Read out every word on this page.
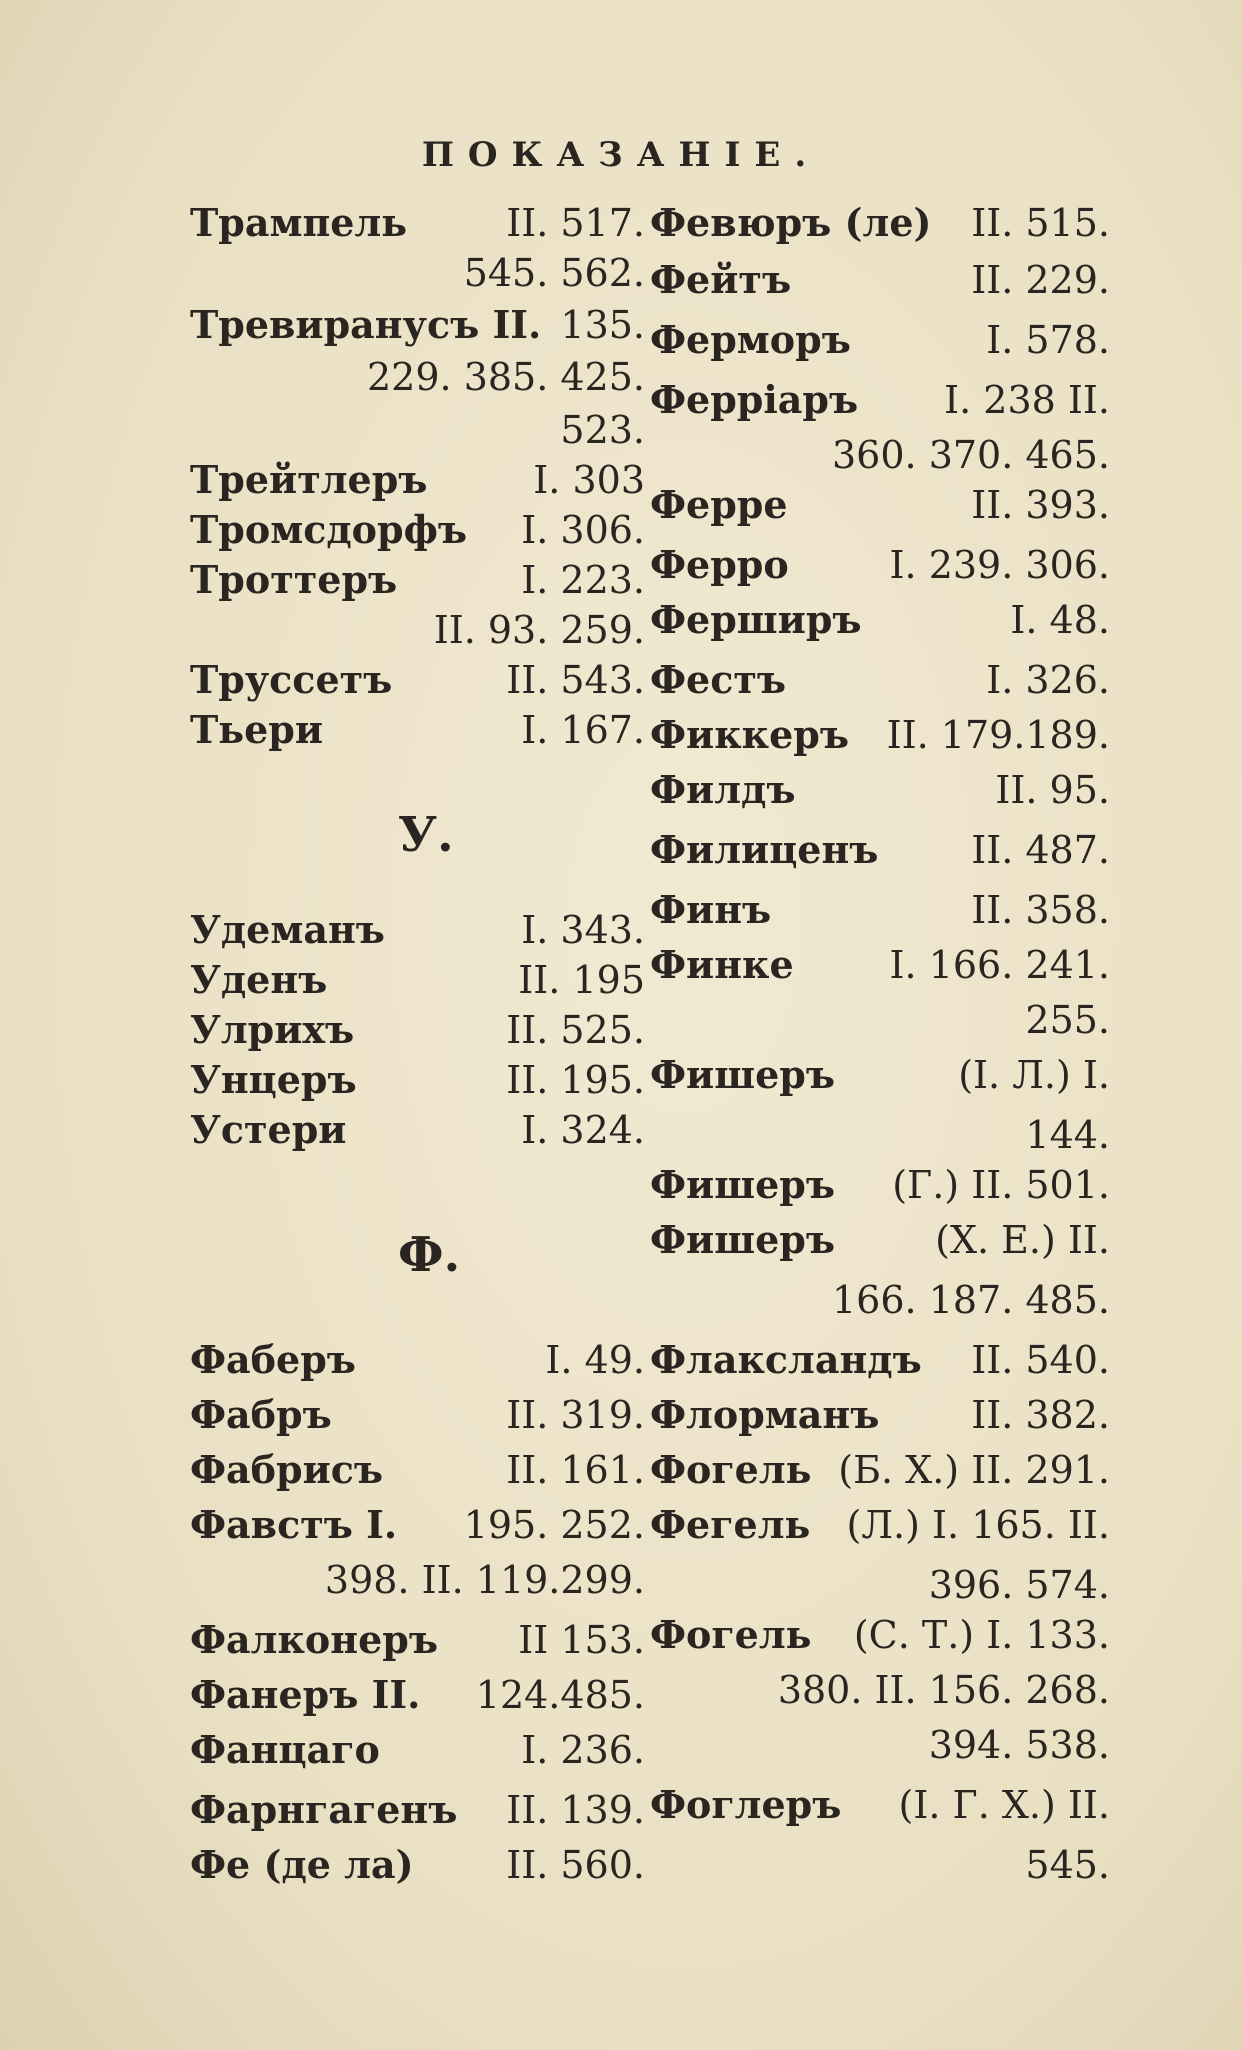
ПОКАЗАНІЕ.
Трампель	II. 517.
545. 562.
Тревиранусъ II. 135.
229. 385. 425.
523.
Трейтлеръ	I. 303
Тромсдорфъ I. 306.
Троттеръ	I. 223.
II. 93. 259.
Труссетъ	II. 543.
Тьери	I. 167.
Удеманъ	I. 343.
Уденъ	II. 195
Улрихъ	II. 525.
Унцеръ	II. 195.
Устери	I. 324.
Фаберъ	I. 49.
Фабръ	II. 319.
Фабрисъ	II. 161.
Фавстъ I. 195. 252.
398. II. 119.299.
Фалконеръ II 153.
Фанеръ II. 124.485.
Фанцаго	I. 236.
Фарнгагенъ II. 139.
Фе (де ла) II. 560.
У.
Ф.
Февюръ (ле) II. 515.
Фейтъ	II. 229.
Ферморъ	I. 578.
Ферріаръ I. 238 II.
360. 370. 465.
Ферре	II. 393.
Ферро	I. 239. 306.
Ферширъ	I. 48.
Фестъ	I. 326.
Фиккеръ II. 179.189.
Филдъ	II. 95.
Филиценъ II. 487.
Финъ	II. 358.
Финке	I. 166. 241.
255.
Фишеръ	(I. Л.) I.
144.
Фишеръ (Г.) II. 501.
Фишеръ	(Х. Е.) II.
166. 187. 485.
Флаксландъ II. 540.
Флорманъ II. 382.
Фогель (Б. Х.) II. 291.
Фегель (Л.) I. 165. II.
396. 574.
Фогель (С. Т.) I. 133.
380. II. 156. 268.
394. 538.
Фоглеръ (I. Г. Х.) II.
545.
